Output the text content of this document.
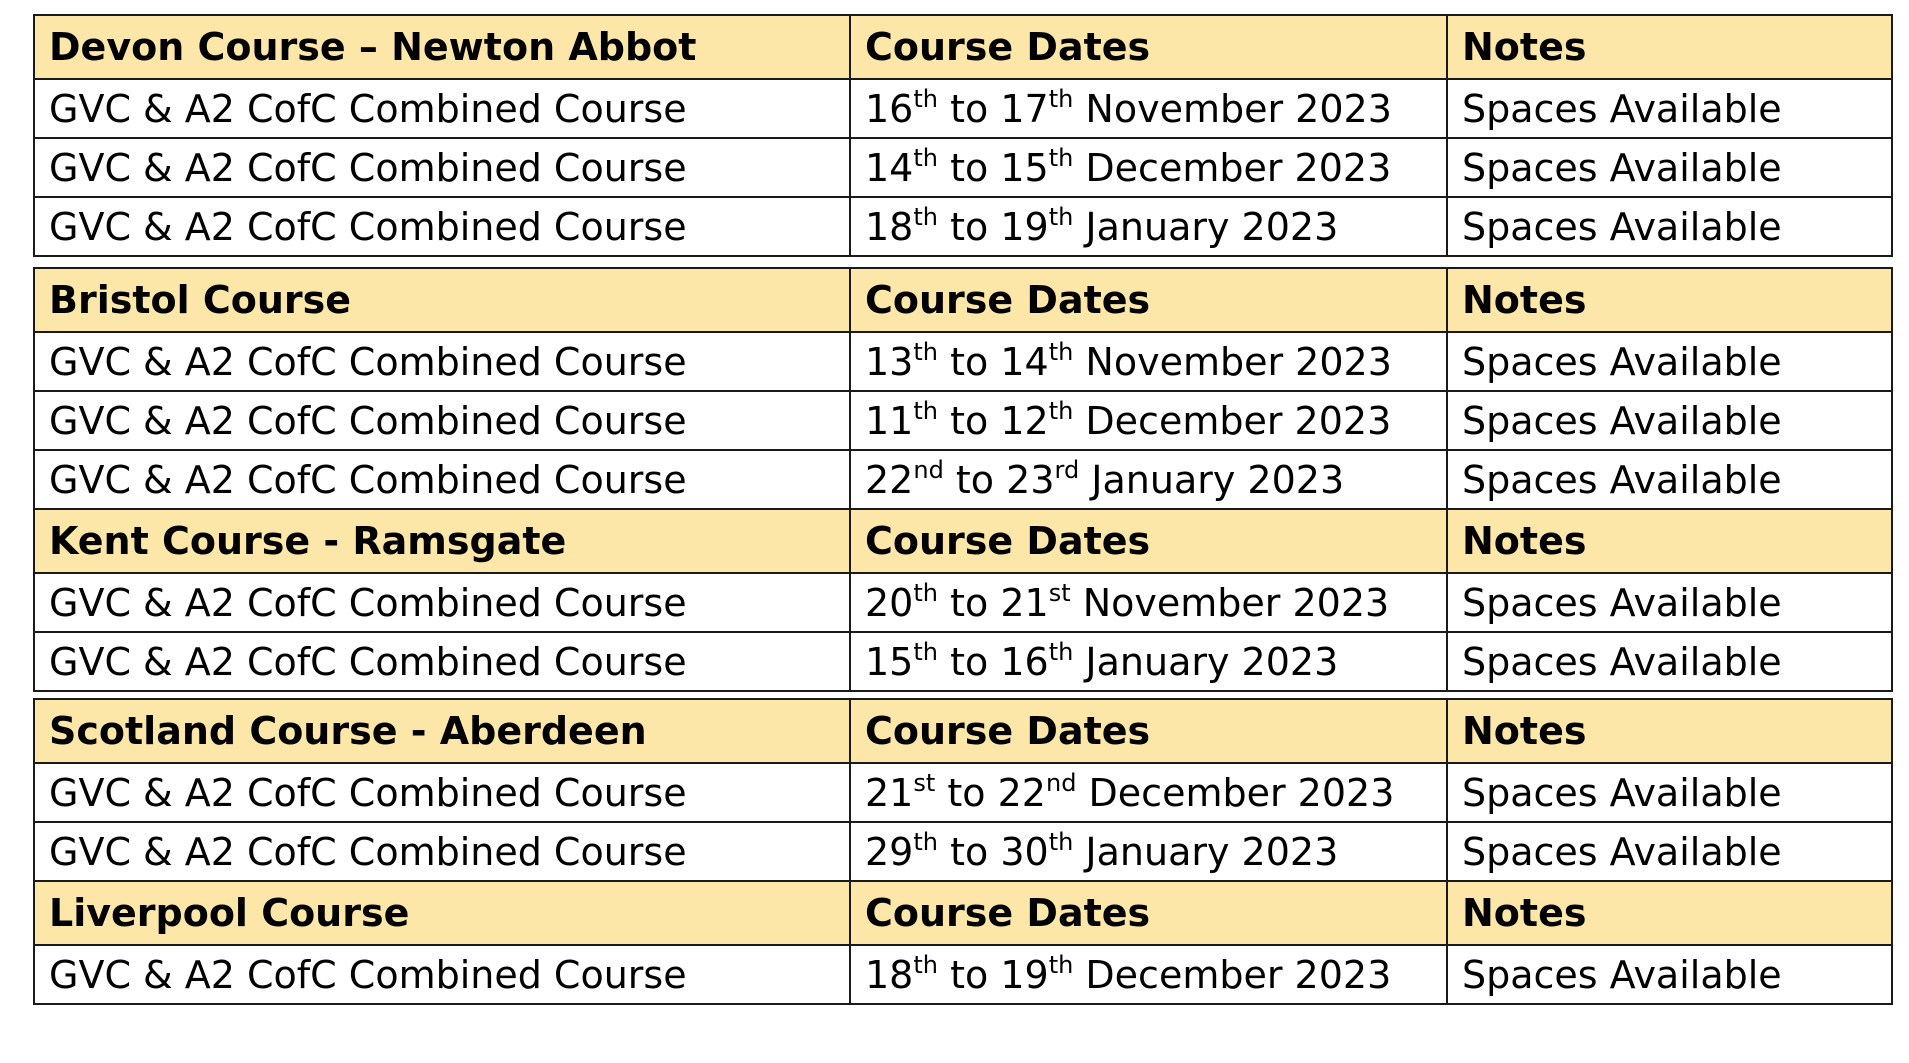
Devon Course – Newton Abbot	Course Dates	Notes
GVC & A2 CofC Combined Course	16th to 17th November 2023	Spaces Available
GVC & A2 CofC Combined Course	14th to 15th December 2023	Spaces Available
GVC & A2 CofC Combined Course	18th to 19th January 2023	Spaces Available
Bristol Course	Course Dates	Notes
GVC & A2 CofC Combined Course	13th to 14th November 2023	Spaces Available
GVC & A2 CofC Combined Course	11th to 12th December 2023	Spaces Available
GVC & A2 CofC Combined Course	22nd to 23rd January 2023	Spaces Available
Kent Course - Ramsgate	Course Dates	Notes
GVC & A2 CofC Combined Course	20th to 21st November 2023	Spaces Available
GVC & A2 CofC Combined Course	15th to 16th January 2023	Spaces Available
Scotland Course - Aberdeen	Course Dates	Notes
GVC & A2 CofC Combined Course	21st to 22nd December 2023	Spaces Available
GVC & A2 CofC Combined Course	29th to 30th January 2023	Spaces Available
Liverpool Course	Course Dates	Notes
GVC & A2 CofC Combined Course	18th to 19th December 2023	Spaces Available
